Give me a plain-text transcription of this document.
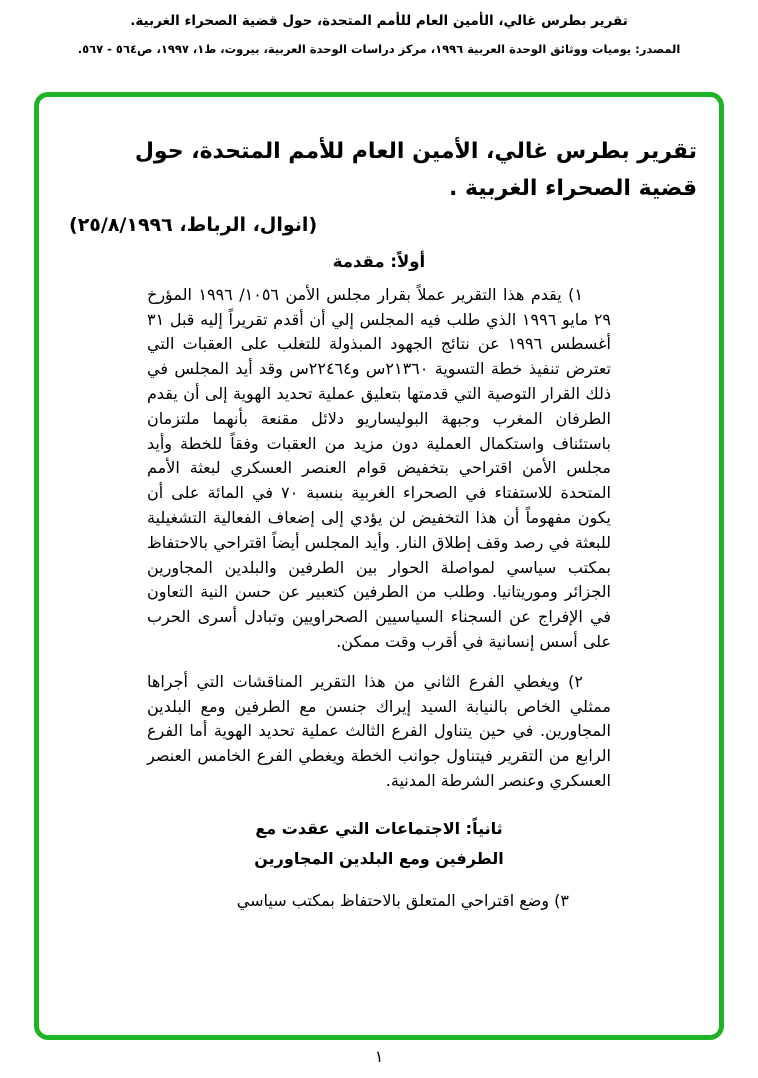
تقرير بطرس غالي، الأمين العام للأمم المتحدة، حول قضية الصحراء الغربية.
المصدر: يوميات ووثائق الوحدة العربية ١٩٩٦، مركز دراسات الوحدة العربية، بيروت، ط١، ١٩٩٧، ص٥٦٤ - ٥٦٧.
تقرير بطرس غالي، الأمين العام للأمم المتحدة، حول قضية الصحراء الغربية .
(انوال، الرباط، ٢٥/٨/١٩٩٦)
أولاً: مقدمة

١) يقدم هذا التقرير عملاً بقرار مجلس الأمن ١٠٥٦/ ١٩٩٦ المؤرخ ٢٩ مايو ١٩٩٦ الذي طلب فيه المجلس إلي أن أقدم تقريراً إليه قبل ٣١ أغسطس ١٩٩٦ عن نتائج الجهود المبذولة للتغلب على العقبات التي تعترض تنفيذ خطة التسوية ٢١٣٦٠س و٢٢٤٦٤س وقد أيد المجلس في ذلك القرار التوصية التي قدمتها بتعليق عملية تحديد الهوية إلى أن يقدم الطرفان المغرب وجبهة البوليساريو دلائل مقنعة بأنهما ملتزمان باستئناف واستكمال العملية دون مزيد من العقبات وفقاً للخطة وأيد مجلس الأمن اقتراحي بتخفيض قوام العنصر العسكري لبعثة الأمم المتحدة للاستفتاء في الصحراء الغربية بنسبة ٧٠ في المائة على أن يكون مفهوماً أن هذا التخفيض لن يؤدي إلى إضعاف الفعالية التشغيلية للبعثة في رصد وقف إطلاق النار. وأيد المجلس أيضاً اقتراحي بالاحتفاظ بمكتب سياسي لمواصلة الحوار بين الطرفين والبلدين المجاورين الجزائر وموريتانيا. وطلب من الطرفين كتعبير عن حسن النية التعاون في الإفراج عن السجناء السياسيين الصحراويين وتبادل أسرى الحرب على أسس إنسانية في أقرب وقت ممكن.

٢) ويغطي الفرع الثاني من هذا التقرير المناقشات التي أجراها ممثلي الخاص بالنيابة السيد إيراك جنسن مع الطرفين ومع البلدين المجاورين. في حين يتناول الفرع الثالث عملية تحديد الهوية أما الفرع الرابع من التقرير فيتناول جوانب الخطة ويغطي الفرع الخامس العنصر العسكري وعنصر الشرطة المدنية.

ثانياً: الاجتماعات التي عقدت مع
الطرفين ومع البلدين المجاورين

٣) وضع اقتراحي المتعلق بالاحتفاظ بمكتب سياسي

١
